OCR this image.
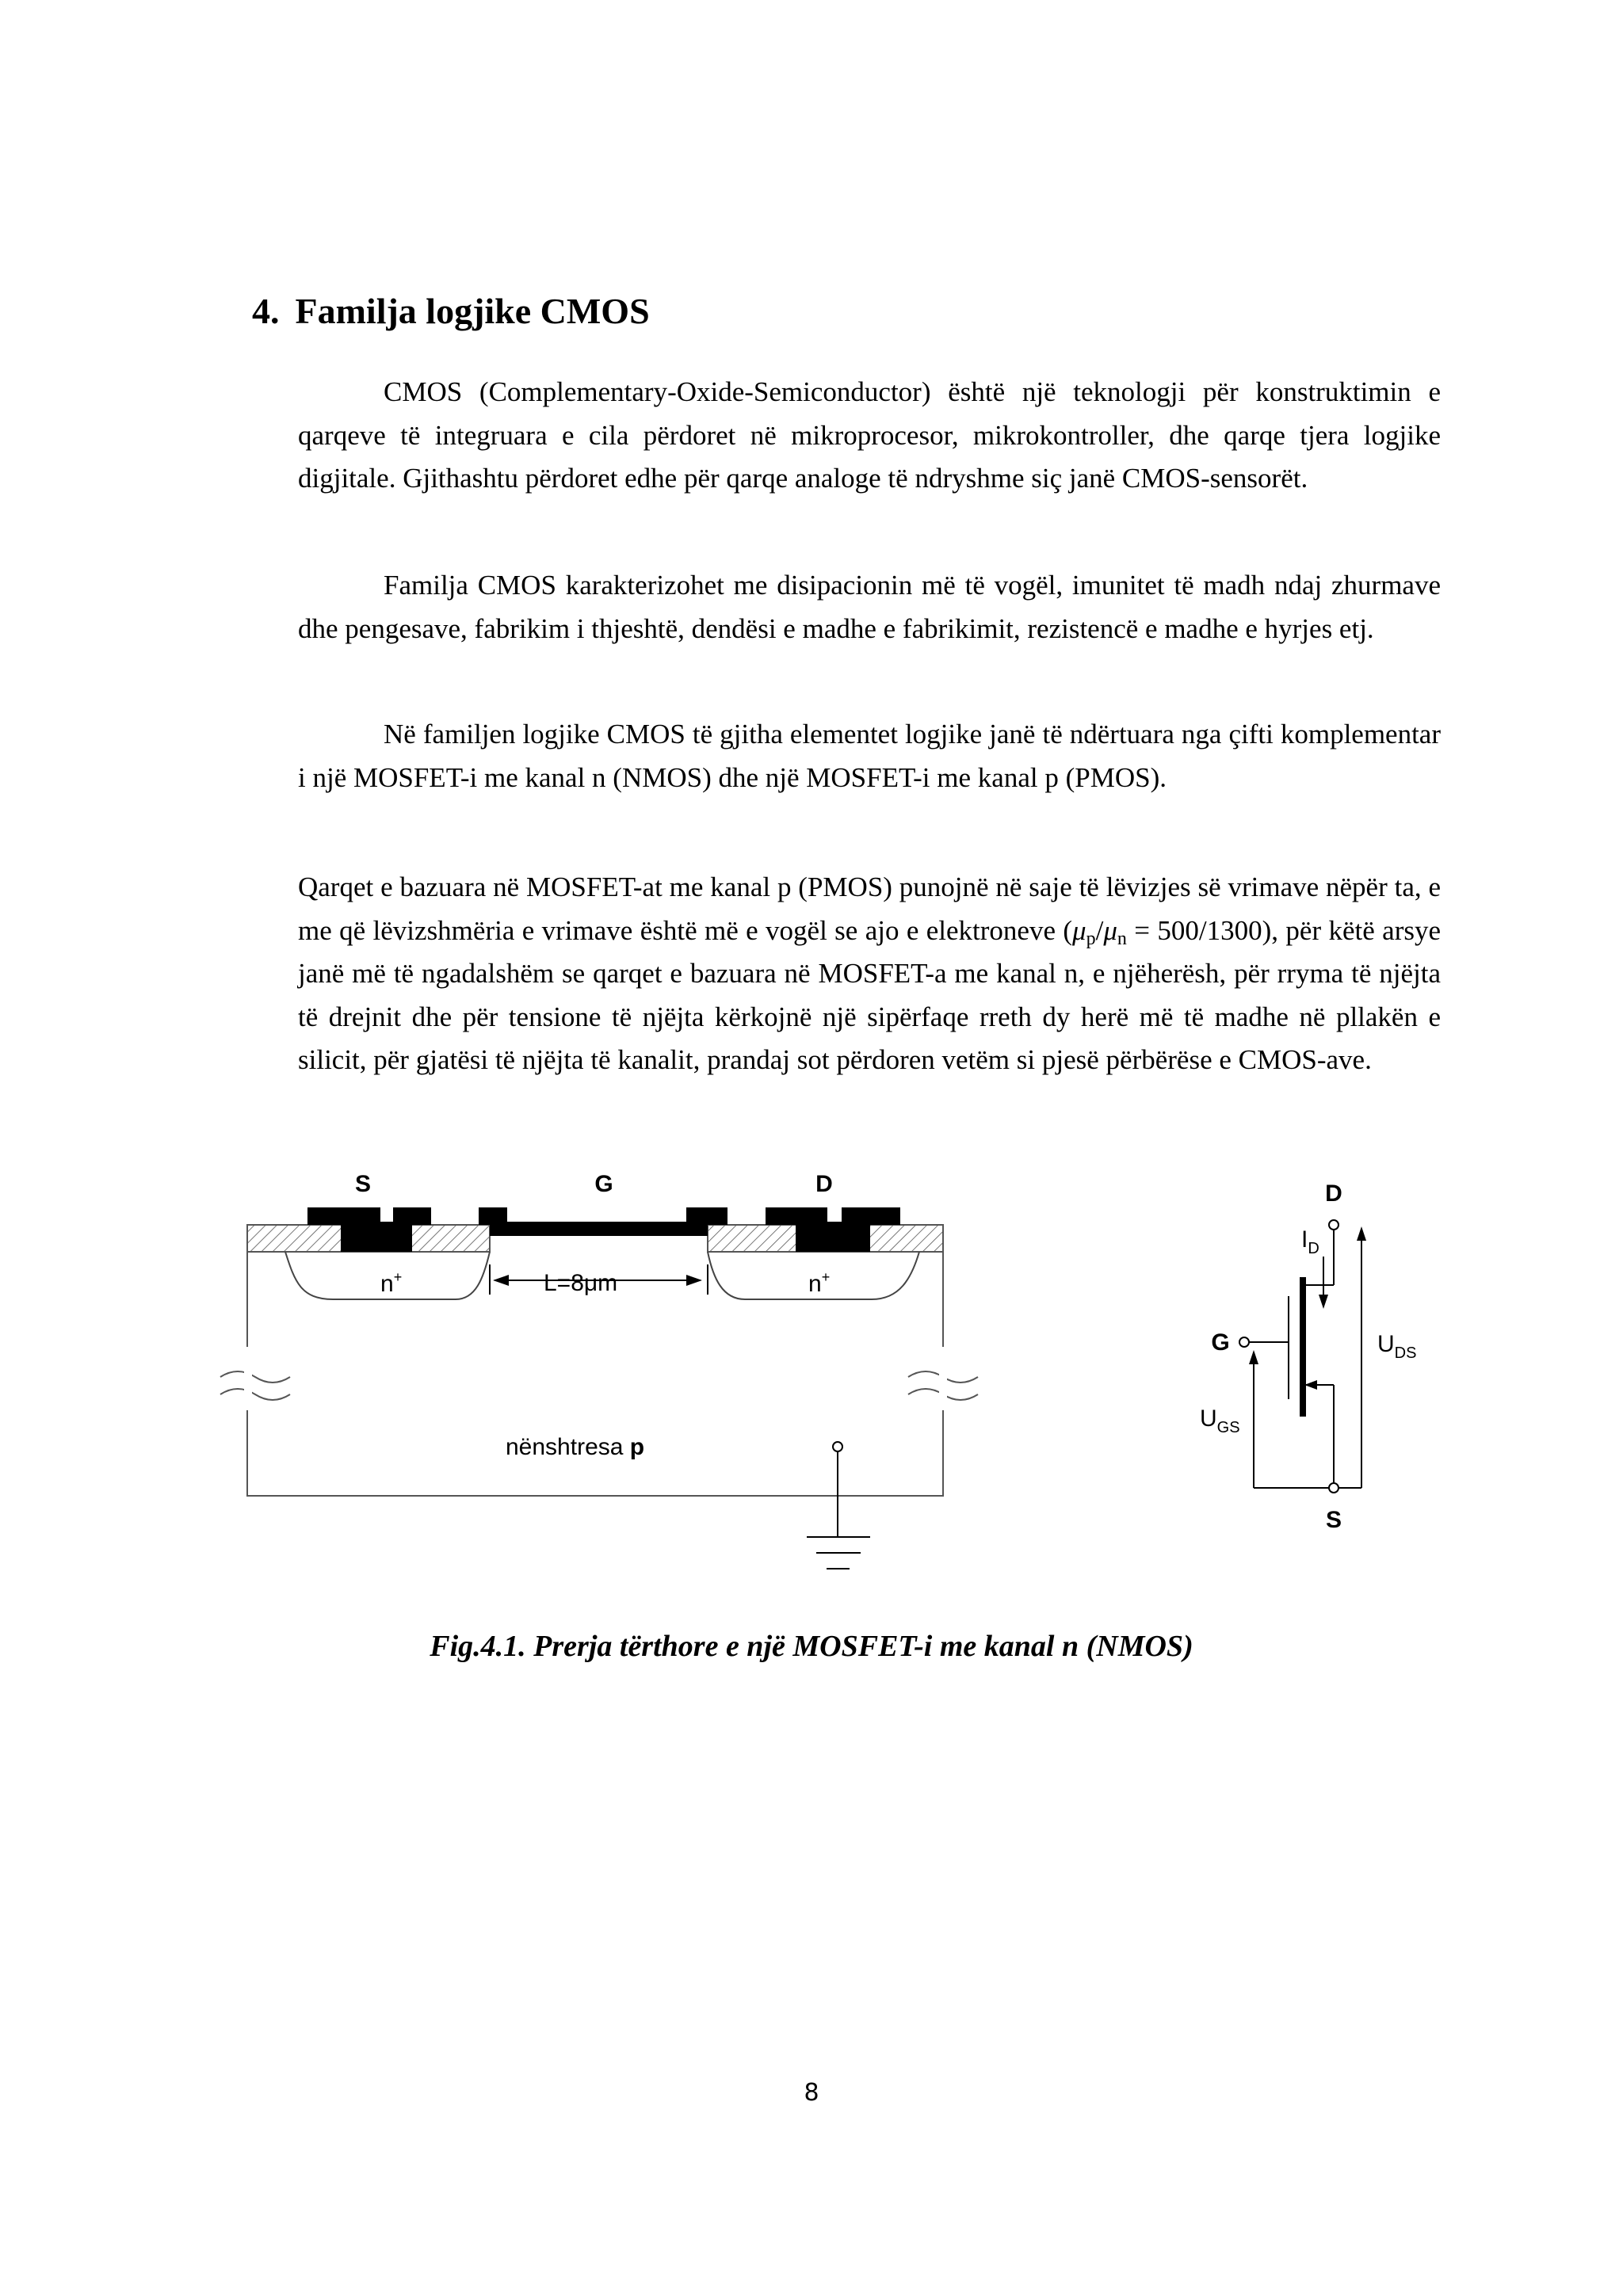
4. Familja logjike CMOS

CMOS (Complementary-Oxide-Semiconductor) është një teknologji për konstruktimin e qarqeve të integruara e cila përdoret në mikroprocesor, mikrokontroller, dhe qarqe tjera logjike digjitale. Gjithashtu përdoret edhe për qarqe analoge të ndryshme siç janë CMOS-sensorët.

Familja CMOS karakterizohet me disipacionin më të vogël, imunitet të madh ndaj zhurmave dhe pengesave, fabrikim i thjeshtë, dendësi e madhe e fabrikimit, rezistencë e madhe e hyrjes etj.

Në familjen logjike CMOS të gjitha elementet logjike janë të ndërtuara nga çifti komplementar i një MOSFET-i me kanal n (NMOS) dhe një MOSFET-i me kanal p (PMOS).

Qarqet e bazuara në MOSFET-at me kanal p (PMOS) punojnë në saje të lëvizjes së vrimave nëpër ta, e me që lëvizshmëria e vrimave është më e vogël se ajo e elektroneve $(\mu_p/\mu_n = 500/1300)$, për këtë arsye janë më të ngadalshëm se qarqet e bazuara në MOSFET-a me kanal n, e njëherësh, për rryma të njëjta të drejnit dhe për tensione të njëjta kërkojnë një sipërfaqe rreth dy herë më të madhe në pllakën e silicit, për gjatësi të njëjta të kanalit, prandaj sot përdoren vetëm si pjesë përbërëse e CMOS-ave.

S	G	D
n+	n+
L=8μm
nënshtresa p
D
G
S
$I_D$
$U_{DS}$
$U_{GS}$

Fig.4.1. Prerja tërthore e një MOSFET-i me kanal n (NMOS)

8
